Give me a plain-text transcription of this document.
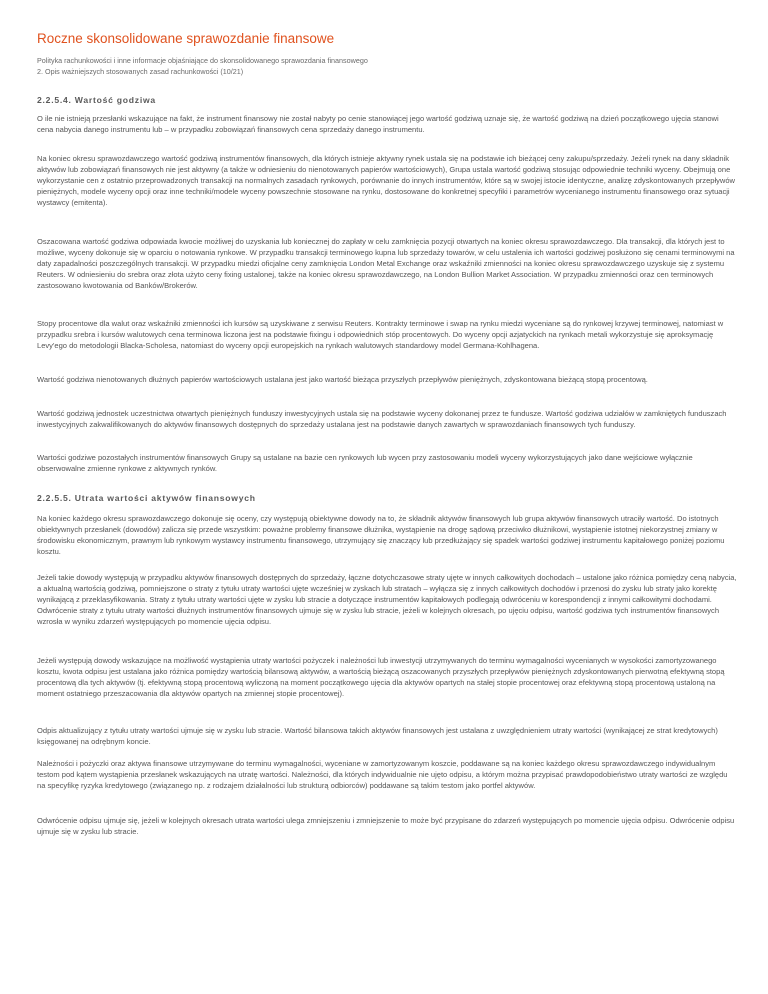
Roczne skonsolidowane sprawozdanie finansowe

Polityka rachunkowości i inne informacje objaśniające do skonsolidowanego sprawozdania finansowego

2. Opis ważniejszych stosowanych zasad rachunkowości (10/21)

2.2.5.4. Wartość godziwa

O ile nie istnieją przesłanki wskazujące na fakt, że instrument finansowy nie został nabyty po cenie stanowiącej jego wartość godziwą uznaje się, że wartość godziwą na dzień początkowego ujęcia stanowi cena nabycia danego instrumentu lub – w przypadku zobowiązań finansowych cena sprzedaży danego instrumentu.

Na koniec okresu sprawozdawczego wartość godziwą instrumentów finansowych, dla których istnieje aktywny rynek ustala się na podstawie ich bieżącej ceny zakupu/sprzedaży. Jeżeli rynek na dany składnik aktywów lub zobowiązań finansowych nie jest aktywny (a także w odniesieniu do nienotowanych papierów wartościowych), Grupa ustala wartość godziwą stosując odpowiednie techniki wyceny. Obejmują one wykorzystanie cen z ostatnio przeprowadzonych transakcji na normalnych zasadach rynkowych, porównanie do innych instrumentów, które są w swojej istocie identyczne, analizę zdyskontowanych przepływów pieniężnych, modele wyceny opcji oraz inne techniki/modele wyceny powszechnie stosowane na rynku, dostosowane do konkretnej specyfiki i parametrów wycenianego instrumentu finansowego oraz sytuacji wystawcy (emitenta).

Oszacowana wartość godziwa odpowiada kwocie możliwej do uzyskania lub koniecznej do zapłaty w celu zamknięcia pozycji otwartych na koniec okresu sprawozdawczego. Dla transakcji, dla których jest to możliwe, wyceny dokonuje się w oparciu o notowania rynkowe. W przypadku transakcji terminowego kupna lub sprzedaży towarów, w celu ustalenia ich wartości godziwej posłużono się cenami terminowymi na daty zapadalności poszczególnych transakcji. W przypadku miedzi oficjalne ceny zamknięcia London Metal Exchange oraz wskaźniki zmienności na koniec okresu sprawozdawczego uzyskuje się z systemu Reuters. W odniesieniu do srebra oraz złota użyto ceny fixing ustalonej, także na koniec okresu sprawozdawczego, na London Bullion Market Association. W przypadku zmienności oraz cen terminowych zastosowano kwotowania od Banków/Brokerów.

Stopy procentowe dla walut oraz wskaźniki zmienności ich kursów są uzyskiwane z serwisu Reuters. Kontrakty terminowe i swap na rynku miedzi wyceniane są do rynkowej krzywej terminowej, natomiast w przypadku srebra i kursów walutowych cena terminowa liczona jest na podstawie fixingu i odpowiednich stóp procentowych. Do wyceny opcji azjatyckich na rynkach metali wykorzystuje się aproksymację Levy'ego do metodologii Blacka-Scholesa, natomiast do wyceny opcji europejskich na rynkach walutowych standardowy model Germana-Kohlhagena.

Wartość godziwa nienotowanych dłużnych papierów wartościowych ustalana jest jako wartość bieżąca przyszłych przepływów pieniężnych, zdyskontowana bieżącą stopą procentową.

Wartość godziwą jednostek uczestnictwa otwartych pieniężnych funduszy inwestycyjnych ustala się na podstawie wyceny dokonanej przez te fundusze. Wartość godziwa udziałów w zamkniętych funduszach inwestycyjnych zakwalifikowanych do aktywów finansowych dostępnych do sprzedaży ustalana jest na podstawie danych zawartych w sprawozdaniach finansowych tych funduszy.

Wartości godziwe pozostałych instrumentów finansowych Grupy są ustalane na bazie cen rynkowych lub wycen przy zastosowaniu modeli wyceny wykorzystujących jako dane wejściowe wyłącznie obserwowalne zmienne rynkowe z aktywnych rynków.

2.2.5.5. Utrata wartości aktywów finansowych

Na koniec każdego okresu sprawozdawczego dokonuje się oceny, czy występują obiektywne dowody na to, że składnik aktywów finansowych lub grupa aktywów finansowych utraciły wartość. Do istotnych obiektywnych przesłanek (dowodów) zalicza się przede wszystkim: poważne problemy finansowe dłużnika, wystąpienie na drogę sądową przeciwko dłużnikowi, wystąpienie istotnej niekorzystnej zmiany w środowisku ekonomicznym, prawnym lub rynkowym wystawcy instrumentu finansowego, utrzymujący się znaczący lub przedłużający się spadek wartości godziwej instrumentu kapitałowego poniżej poziomu kosztu.

Jeżeli takie dowody występują w przypadku aktywów finansowych dostępnych do sprzedaży, łączne dotychczasowe straty ujęte w innych całkowitych dochodach – ustalone jako różnica pomiędzy ceną nabycia, a aktualną wartością godziwą, pomniejszone o straty z tytułu utraty wartości ujęte wcześniej w zyskach lub stratach – wyłącza się z innych całkowitych dochodów i przenosi do zysku lub straty jako korektę wynikającą z przeklasyfikowania. Straty z tytułu utraty wartości ujęte w zysku lub stracie a dotyczące instrumentów kapitałowych podlegają odwróceniu w korespondencji z innymi całkowitymi dochodami. Odwrócenie straty z tytułu utraty wartości dłużnych instrumentów finansowych ujmuje się w zysku lub stracie, jeżeli w kolejnych okresach, po ujęciu odpisu, wartość godziwa tych instrumentów finansowych wzrosła w wyniku zdarzeń występujących po momencie ujęcia odpisu.

Jeżeli występują dowody wskazujące na możliwość wystąpienia utraty wartości pożyczek i należności lub inwestycji utrzymywanych do terminu wymagalności wycenianych w wysokości zamortyzowanego kosztu, kwota odpisu jest ustalana jako różnica pomiędzy wartością bilansową aktywów, a wartością bieżącą oszacowanych przyszłych przepływów pieniężnych zdyskontowanych pierwotną efektywną stopą procentową dla tych aktywów (tj. efektywną stopą procentową wyliczoną na moment początkowego ujęcia dla aktywów opartych na stałej stopie procentowej oraz efektywną stopą procentową ustaloną na moment ostatniego przeszacowania dla aktywów opartych na zmiennej stopie procentowej).

Odpis aktualizujący z tytułu utraty wartości ujmuje się w zysku lub stracie. Wartość bilansowa takich aktywów finansowych jest ustalana z uwzględnieniem utraty wartości (wynikającej ze strat kredytowych) księgowanej na odrębnym koncie.

Należności i pożyczki oraz aktywa finansowe utrzymywane do terminu wymagalności, wyceniane w zamortyzowanym koszcie, poddawane są na koniec każdego okresu sprawozdawczego indywidualnym testom pod kątem wystąpienia przesłanek wskazujących na utratę wartości. Należności, dla których indywidualnie nie ujęto odpisu, a którym można przypisać prawdopodobieństwo utraty wartości ze względu na specyfikę ryzyka kredytowego (związanego np. z rodzajem działalności lub strukturą odbiorców) poddawane są takim testom jako portfel aktywów.

Odwrócenie odpisu ujmuje się, jeżeli w kolejnych okresach utrata wartości ulega zmniejszeniu i zmniejszenie to może być przypisane do zdarzeń występujących po momencie ujęcia odpisu. Odwrócenie odpisu ujmuje się w zysku lub stracie.
